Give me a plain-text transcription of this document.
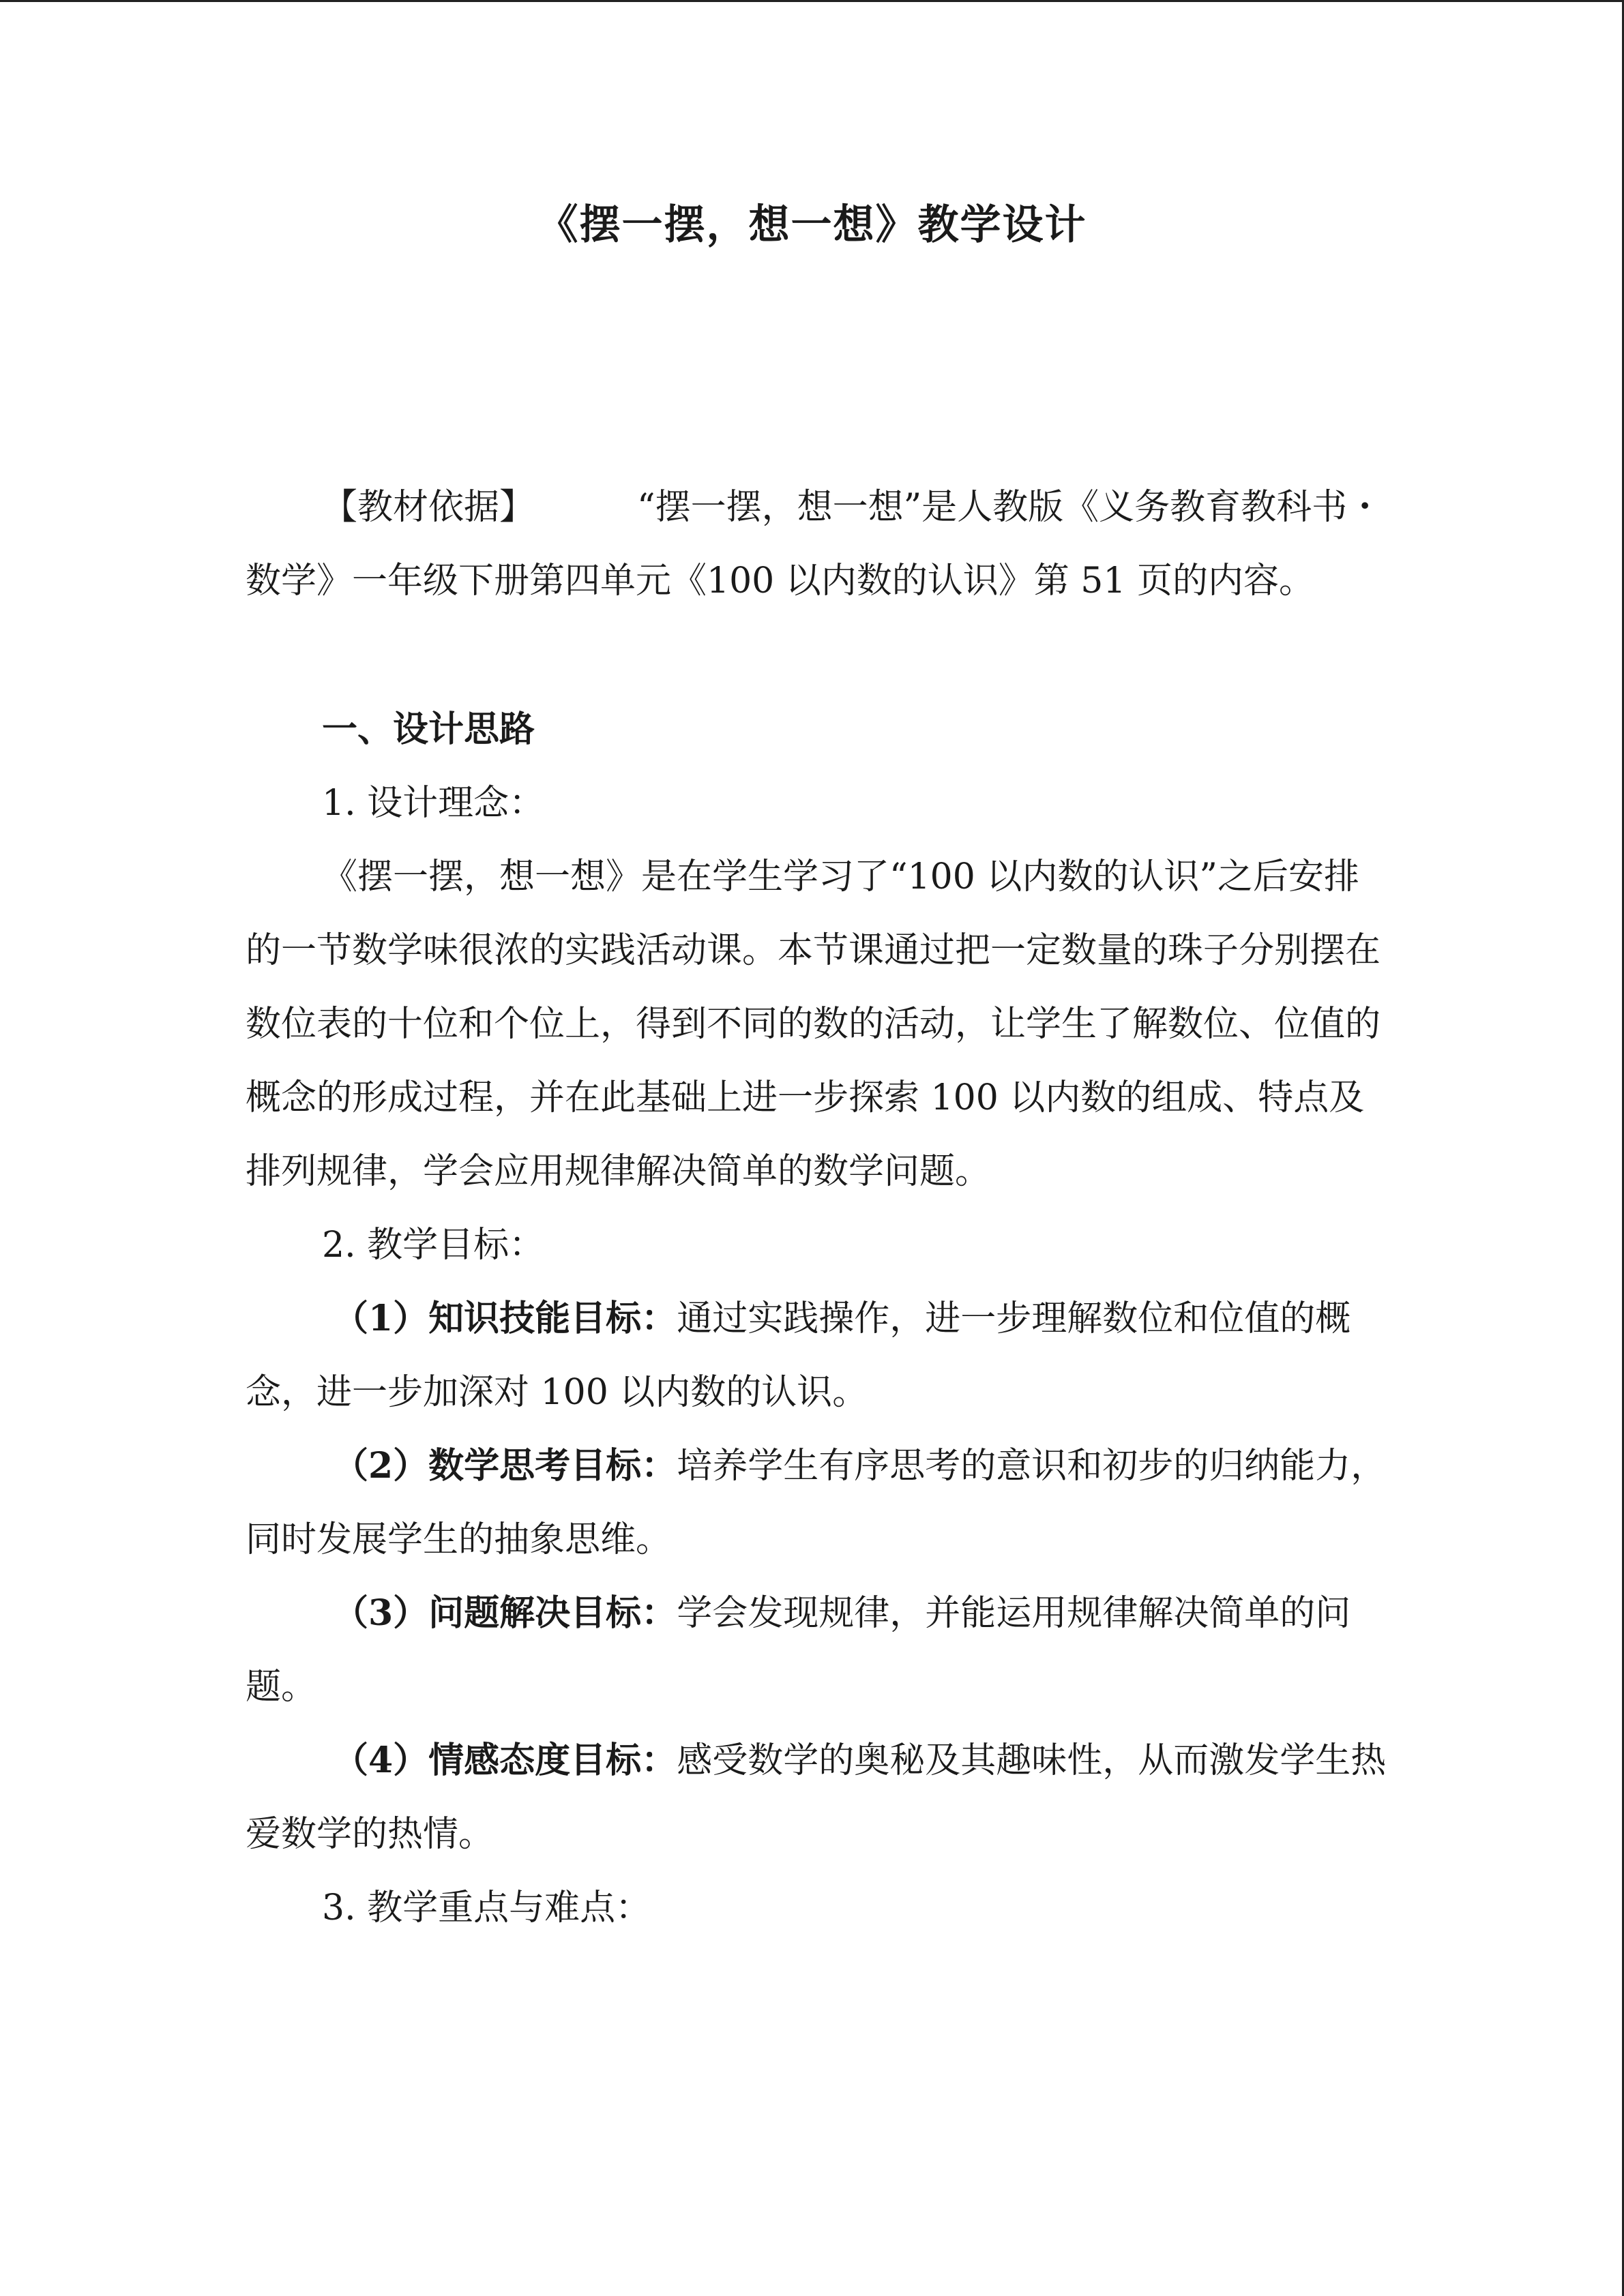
《摆一摆，想一想》教学设计

【教材依据】	“摆一摆，想一想”是人教版《义务教育教科书・数学》一年级下册第四单元《100 以内数的认识》第 51 页的内容。

一、设计思路

1. 设计理念：

《摆一摆，想一想》是在学生学习了“100 以内数的认识”之后安排的一节数学味很浓的实践活动课。本节课通过把一定数量的珠子分别摆在数位表的十位和个位上，得到不同的数的活动，让学生了解数位、位值的概念的形成过程，并在此基础上进一步探索 100 以内数的组成、特点及排列规律，学会应用规律解决简单的数学问题。

2. 教学目标：

（1）知识技能目标：通过实践操作，进一步理解数位和位值的概念，进一步加深对 100 以内数的认识。

（2）数学思考目标：培养学生有序思考的意识和初步的归纳能力，同时发展学生的抽象思维。

（3）问题解决目标：学会发现规律，并能运用规律解决简单的问题。

（4）情感态度目标：感受数学的奥秘及其趣味性，从而激发学生热爱数学的热情。

3. 教学重点与难点：
